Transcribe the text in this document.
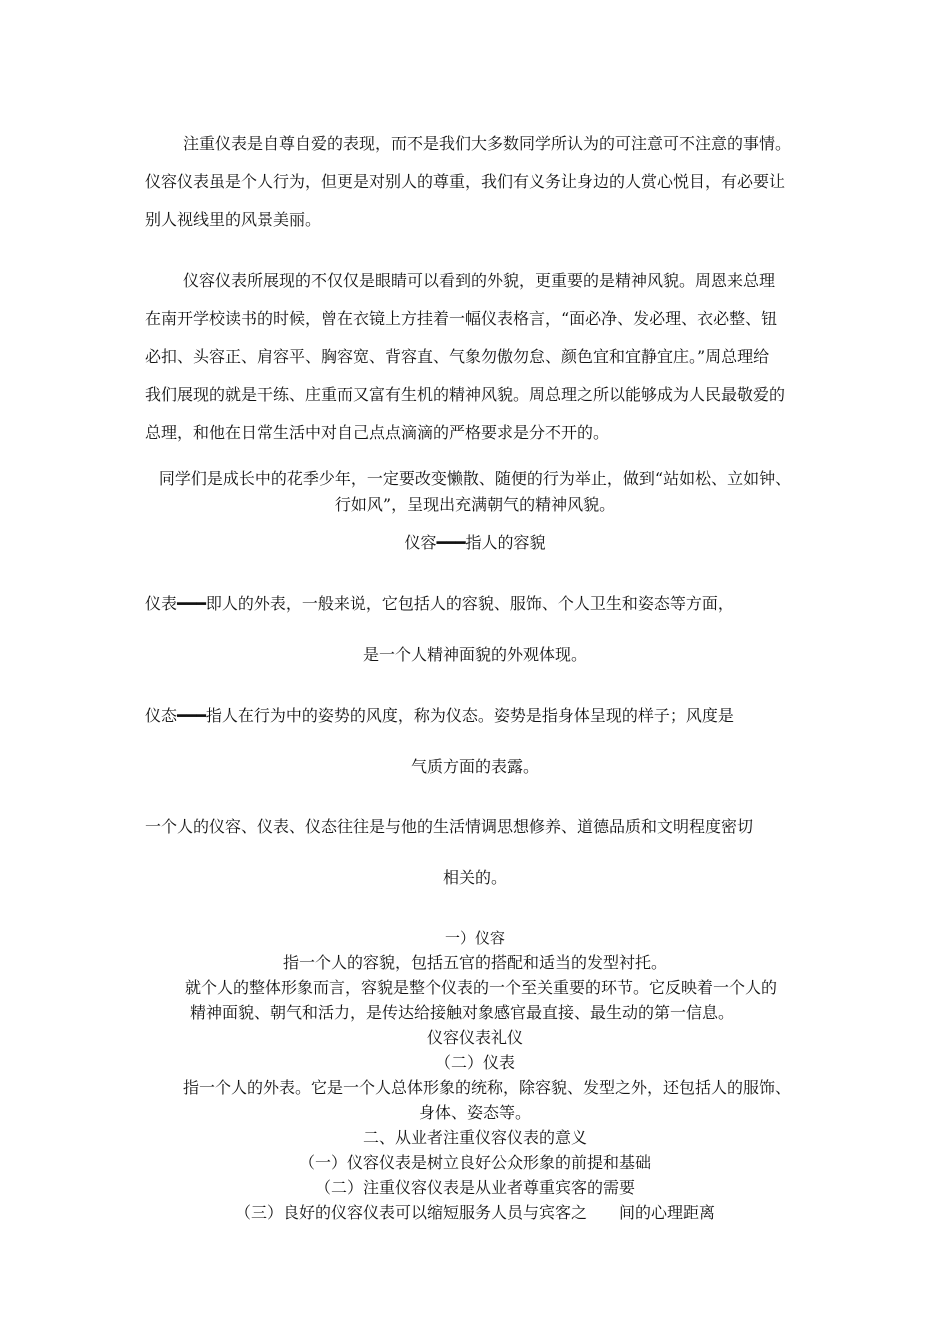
注重仪表是自尊自爱的表现，而不是我们大多数同学所认为的可注意可不注意的事情。
仪容仪表虽是个人行为，但更是对别人的尊重，我们有义务让身边的人赏心悦目，有必要让
别人视线里的风景美丽。
仪容仪表所展现的不仅仅是眼睛可以看到的外貌，更重要的是精神风貌。周恩来总理
在南开学校读书的时候，曾在衣镜上方挂着一幅仪表格言，“面必净、发必理、衣必整、钮
必扣、头容正、肩容平、胸容宽、背容直、气象勿傲勿怠、颜色宜和宜静宜庄。”周总理给
我们展现的就是干练、庄重而又富有生机的精神风貌。周总理之所以能够成为人民最敬爱的
总理，和他在日常生活中对自己点点滴滴的严格要求是分不开的。
同学们是成长中的花季少年，一定要改变懒散、随便的行为举止，做到“站如松、立如钟、
行如风”，呈现出充满朝气的精神风貌。
仪容━━━指人的容貌
仪表━━━即人的外表，一般来说，它包括人的容貌、服饰、个人卫生和姿态等方面，
是一个人精神面貌的外观体现。
仪态━━━指人在行为中的姿势的风度，称为仪态。姿势是指身体呈现的样子；风度是
气质方面的表露。
一个人的仪容、仪表、仪态往往是与他的生活情调思想修养、道德品质和文明程度密切
相关的。
一）仪容
指一个人的容貌，包括五官的搭配和适当的发型衬托。
就个人的整体形象而言，容貌是整个仪表的一个至关重要的环节。它反映着一个人的
精神面貌、朝气和活力，是传达给接触对象感官最直接、最生动的第一信息。
仪容仪表礼仪
（二）仪表
指一个人的外表。它是一个人总体形象的统称，除容貌、发型之外，还包括人的服饰、
身体、姿态等。
二、从业者注重仪容仪表的意义
（一）仪容仪表是树立良好公众形象的前提和基础
（二）注重仪容仪表是从业者尊重宾客的需要
（三）良好的仪容仪表可以缩短服务人员与宾客之　　间的心理距离
